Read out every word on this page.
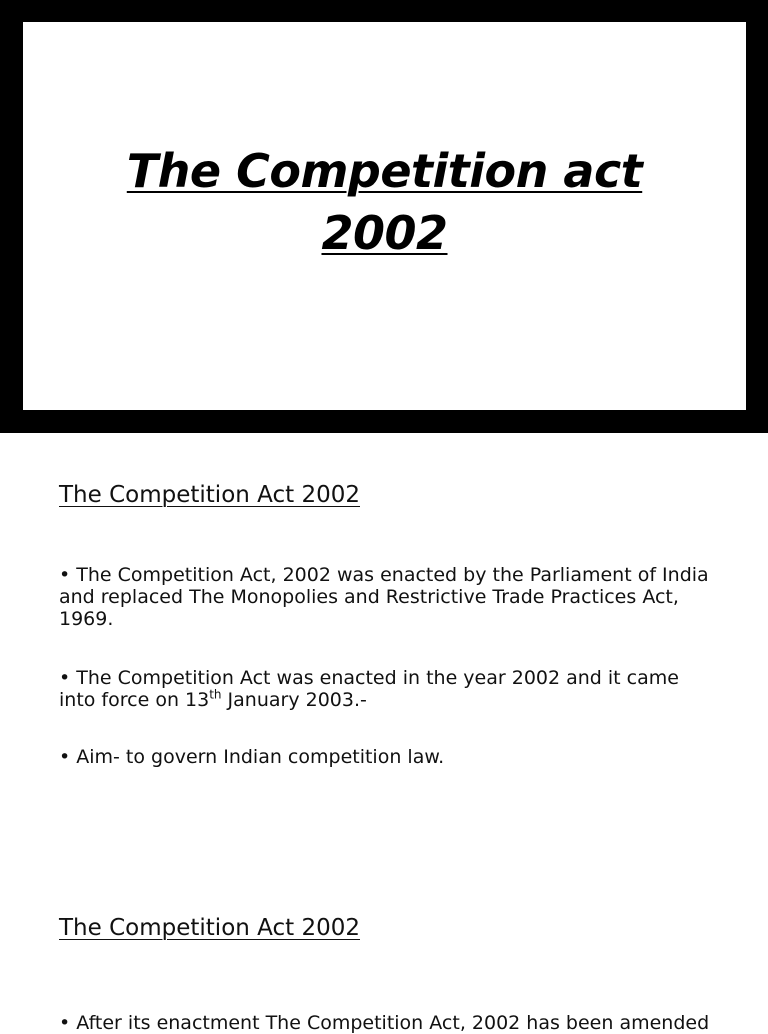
The Competition act
2002
The Competition Act 2002
• The Competition Act, 2002 was enacted by the Parliament of India and replaced The Monopolies and Restrictive Trade Practices Act, 1969.
• The Competition Act was enacted in the year 2002 and it came into force on 13th January 2003.-
• Aim- to govern Indian competition law.
The Competition Act 2002
• After its enactment The Competition Act, 2002 has been amended
